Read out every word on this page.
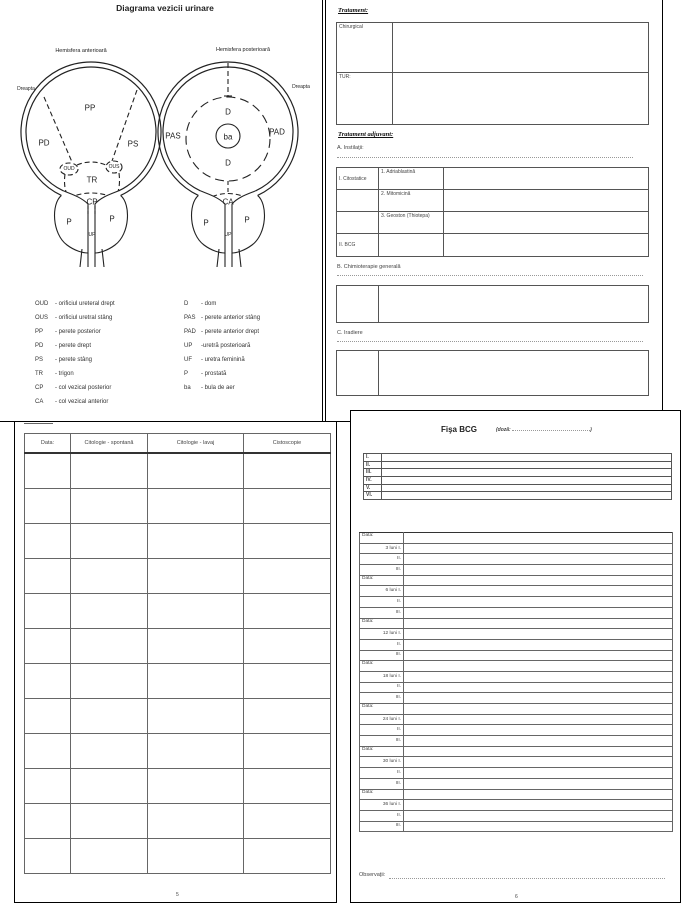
Diagrama vezicii urinare
Hemisfera anterioară	Hemisfera posterioară
Dreapta	Dreapta
PP
PD	PS
OUD	OUS
TR
CP
P	P
UP
D
PAS	ba
PAD
D
CA
P	P
UP
OUD - orificiul ureteral drept
OUS - orificiul uretral stâng
PP - perete posterior
PD - perete drept
PS - perete stâng
TR - trigon
CP - col vezical posterior
CA - col vezical anterior
D - dom
PAS - perete anterior stâng
PAD - perete anterior drept
UP -uretră posterioară
UF - uretra feminină
P - prostată
ba - bula de aer
Tratament:
Chirurgical	
TUR:	
Tratament adjuvant:
A. Instilaţii:
I. Citostatice	1. Adriablastină	
	2. Mitomicină	
	3. Geoston (Thiotepa)	
II. BCG		
B. Chimioterapie generală

C. Iradiere

Data:	Citologie - spontană	Citologie - lavaj	Cistoscopie

5
Fişa BCG	(doză:	)
I.	
II.	
III.	
IV.	
V.	
VI.	
Data:	
3 luni I.	
II.	
III.	
Data:	
6 luni I.	
II.	
III.	
Data:	
12 luni I.	
II.	
III.	
Data:	
18 luni I.	
II.	
III.	
Data:	
24 luni I.	
II.	
III.	
Data:	
30 luni I.	
II.	
III.	
Data:	
36 luni I.	
II.	
III.	
Observaţii:
6
